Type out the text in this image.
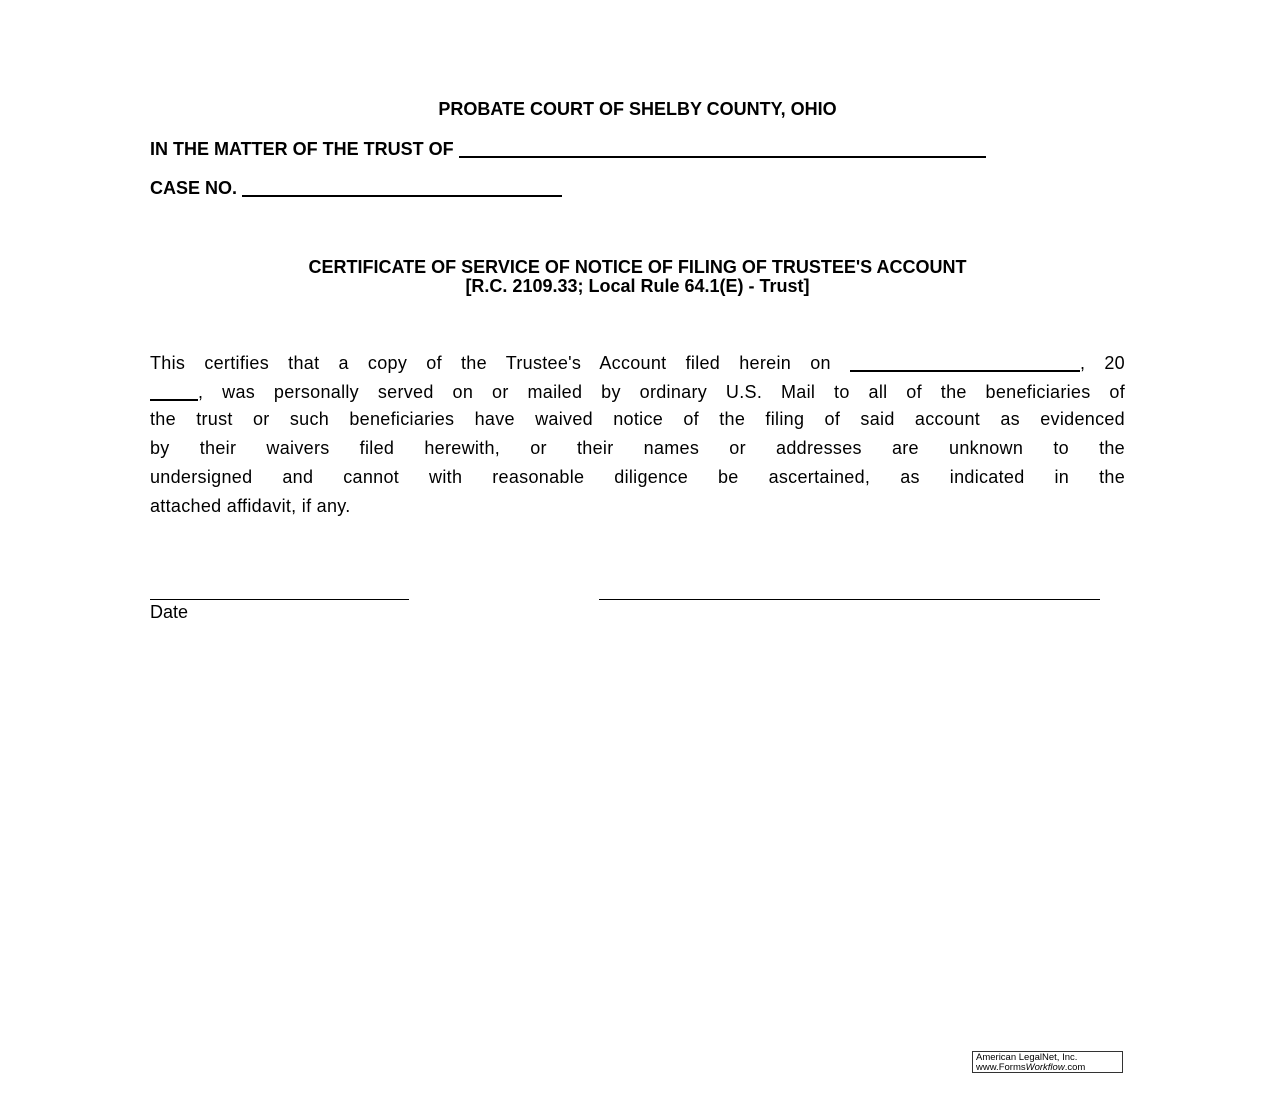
PROBATE COURT OF SHELBY COUNTY, OHIO
IN THE MATTER OF THE TRUST OF
CASE NO.
CERTIFICATE OF SERVICE OF NOTICE OF FILING OF TRUSTEE'S ACCOUNT
[R.C. 2109.33; Local Rule 64.1(E) - Trust]
This certifies that a copy of the Trustee's Account filed herein on	, 20
, was personally served on or mailed by ordinary U.S. Mail to all of the beneficiaries of
the trust or such beneficiaries have waived notice of the filing of said account as evidenced
by their waivers filed herewith, or their names or addresses are unknown to the
undersigned and cannot with reasonable diligence be ascertained, as indicated in the
attached affidavit, if any.
Date
American LegalNet, Inc.
www.FormsWorkflow.com
